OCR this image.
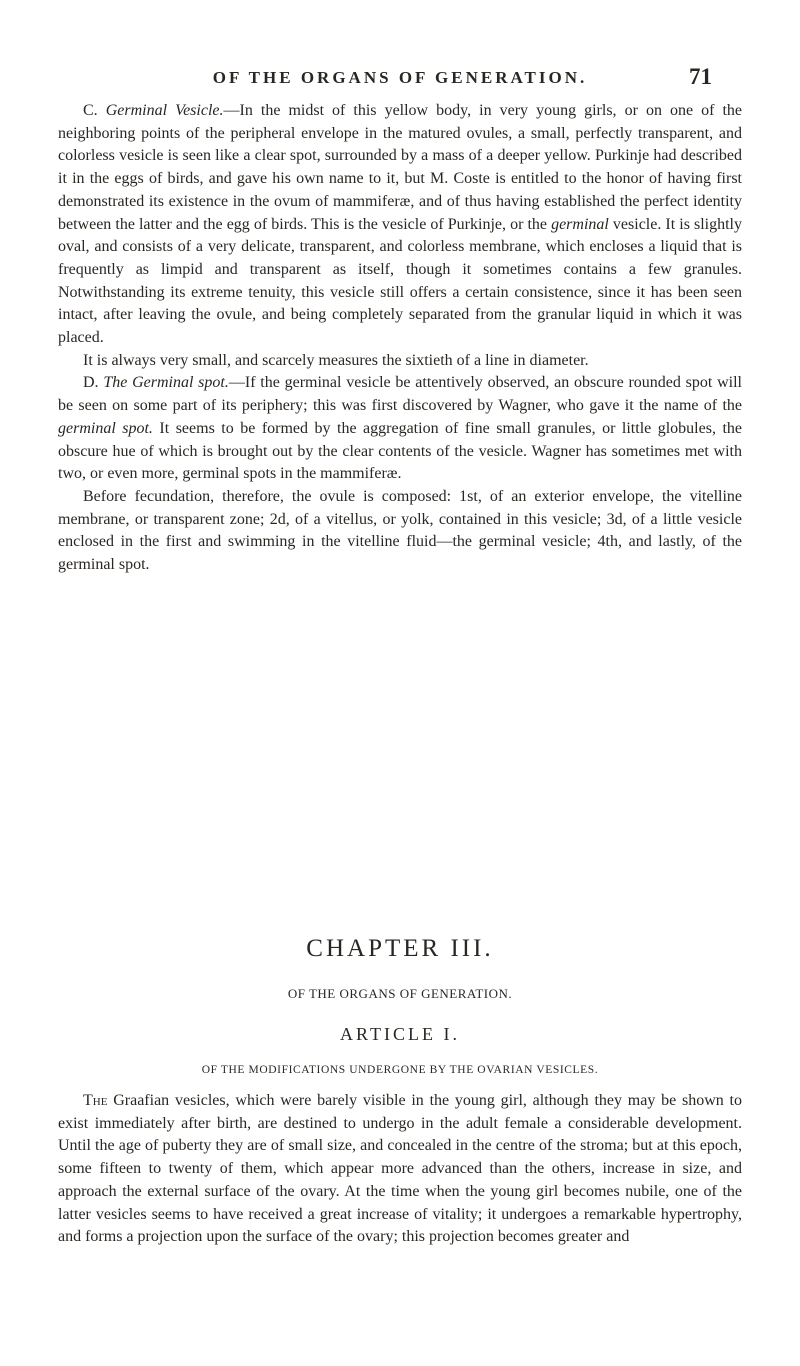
OF THE ORGANS OF GENERATION.	71

C. Germinal Vesicle.—In the midst of this yellow body, in very young girls, or on one of the neighboring points of the peripheral envelope in the matured ovules, a small, perfectly transparent, and colorless vesicle is seen like a clear spot, surrounded by a mass of a deeper yellow. Purkinje had described it in the eggs of birds, and gave his own name to it, but M. Coste is entitled to the honor of having first demonstrated its existence in the ovum of mammiferæ, and of thus having established the perfect identity between the latter and the egg of birds. This is the vesicle of Purkinje, or the germinal vesicle. It is slightly oval, and consists of a very delicate, transparent, and colorless membrane, which encloses a liquid that is frequently as limpid and transparent as itself, though it sometimes contains a few granules. Notwithstanding its extreme tenuity, this vesicle still offers a certain consistence, since it has been seen intact, after leaving the ovule, and being completely separated from the granular liquid in which it was placed.

It is always very small, and scarcely measures the sixtieth of a line in diameter.

D. The Germinal spot.—If the germinal vesicle be attentively observed, an obscure rounded spot will be seen on some part of its periphery; this was first discovered by Wagner, who gave it the name of the germinal spot. It seems to be formed by the aggregation of fine small granules, or little globules, the obscure hue of which is brought out by the clear contents of the vesicle. Wagner has sometimes met with two, or even more, germinal spots in the mammiferæ.

Before fecundation, therefore, the ovule is composed: 1st, of an exterior envelope, the vitelline membrane, or transparent zone; 2d, of a vitellus, or yolk, contained in this vesicle; 3d, of a little vesicle enclosed in the first and swimming in the vitelline fluid—the germinal vesicle; 4th, and lastly, of the germinal spot.

CHAPTER III.
OF THE ORGANS OF GENERATION.
ARTICLE I.
OF THE MODIFICATIONS UNDERGONE BY THE OVARIAN VESICLES.

The Graafian vesicles, which were barely visible in the young girl, although they may be shown to exist immediately after birth, are destined to undergo in the adult female a considerable development. Until the age of puberty they are of small size, and concealed in the centre of the stroma; but at this epoch, some fifteen to twenty of them, which appear more advanced than the others, increase in size, and approach the external surface of the ovary. At the time when the young girl becomes nubile, one of the latter vesicles seems to have received a great increase of vitality; it undergoes a remarkable hypertrophy, and forms a projection upon the surface of the ovary; this projection becomes greater and
